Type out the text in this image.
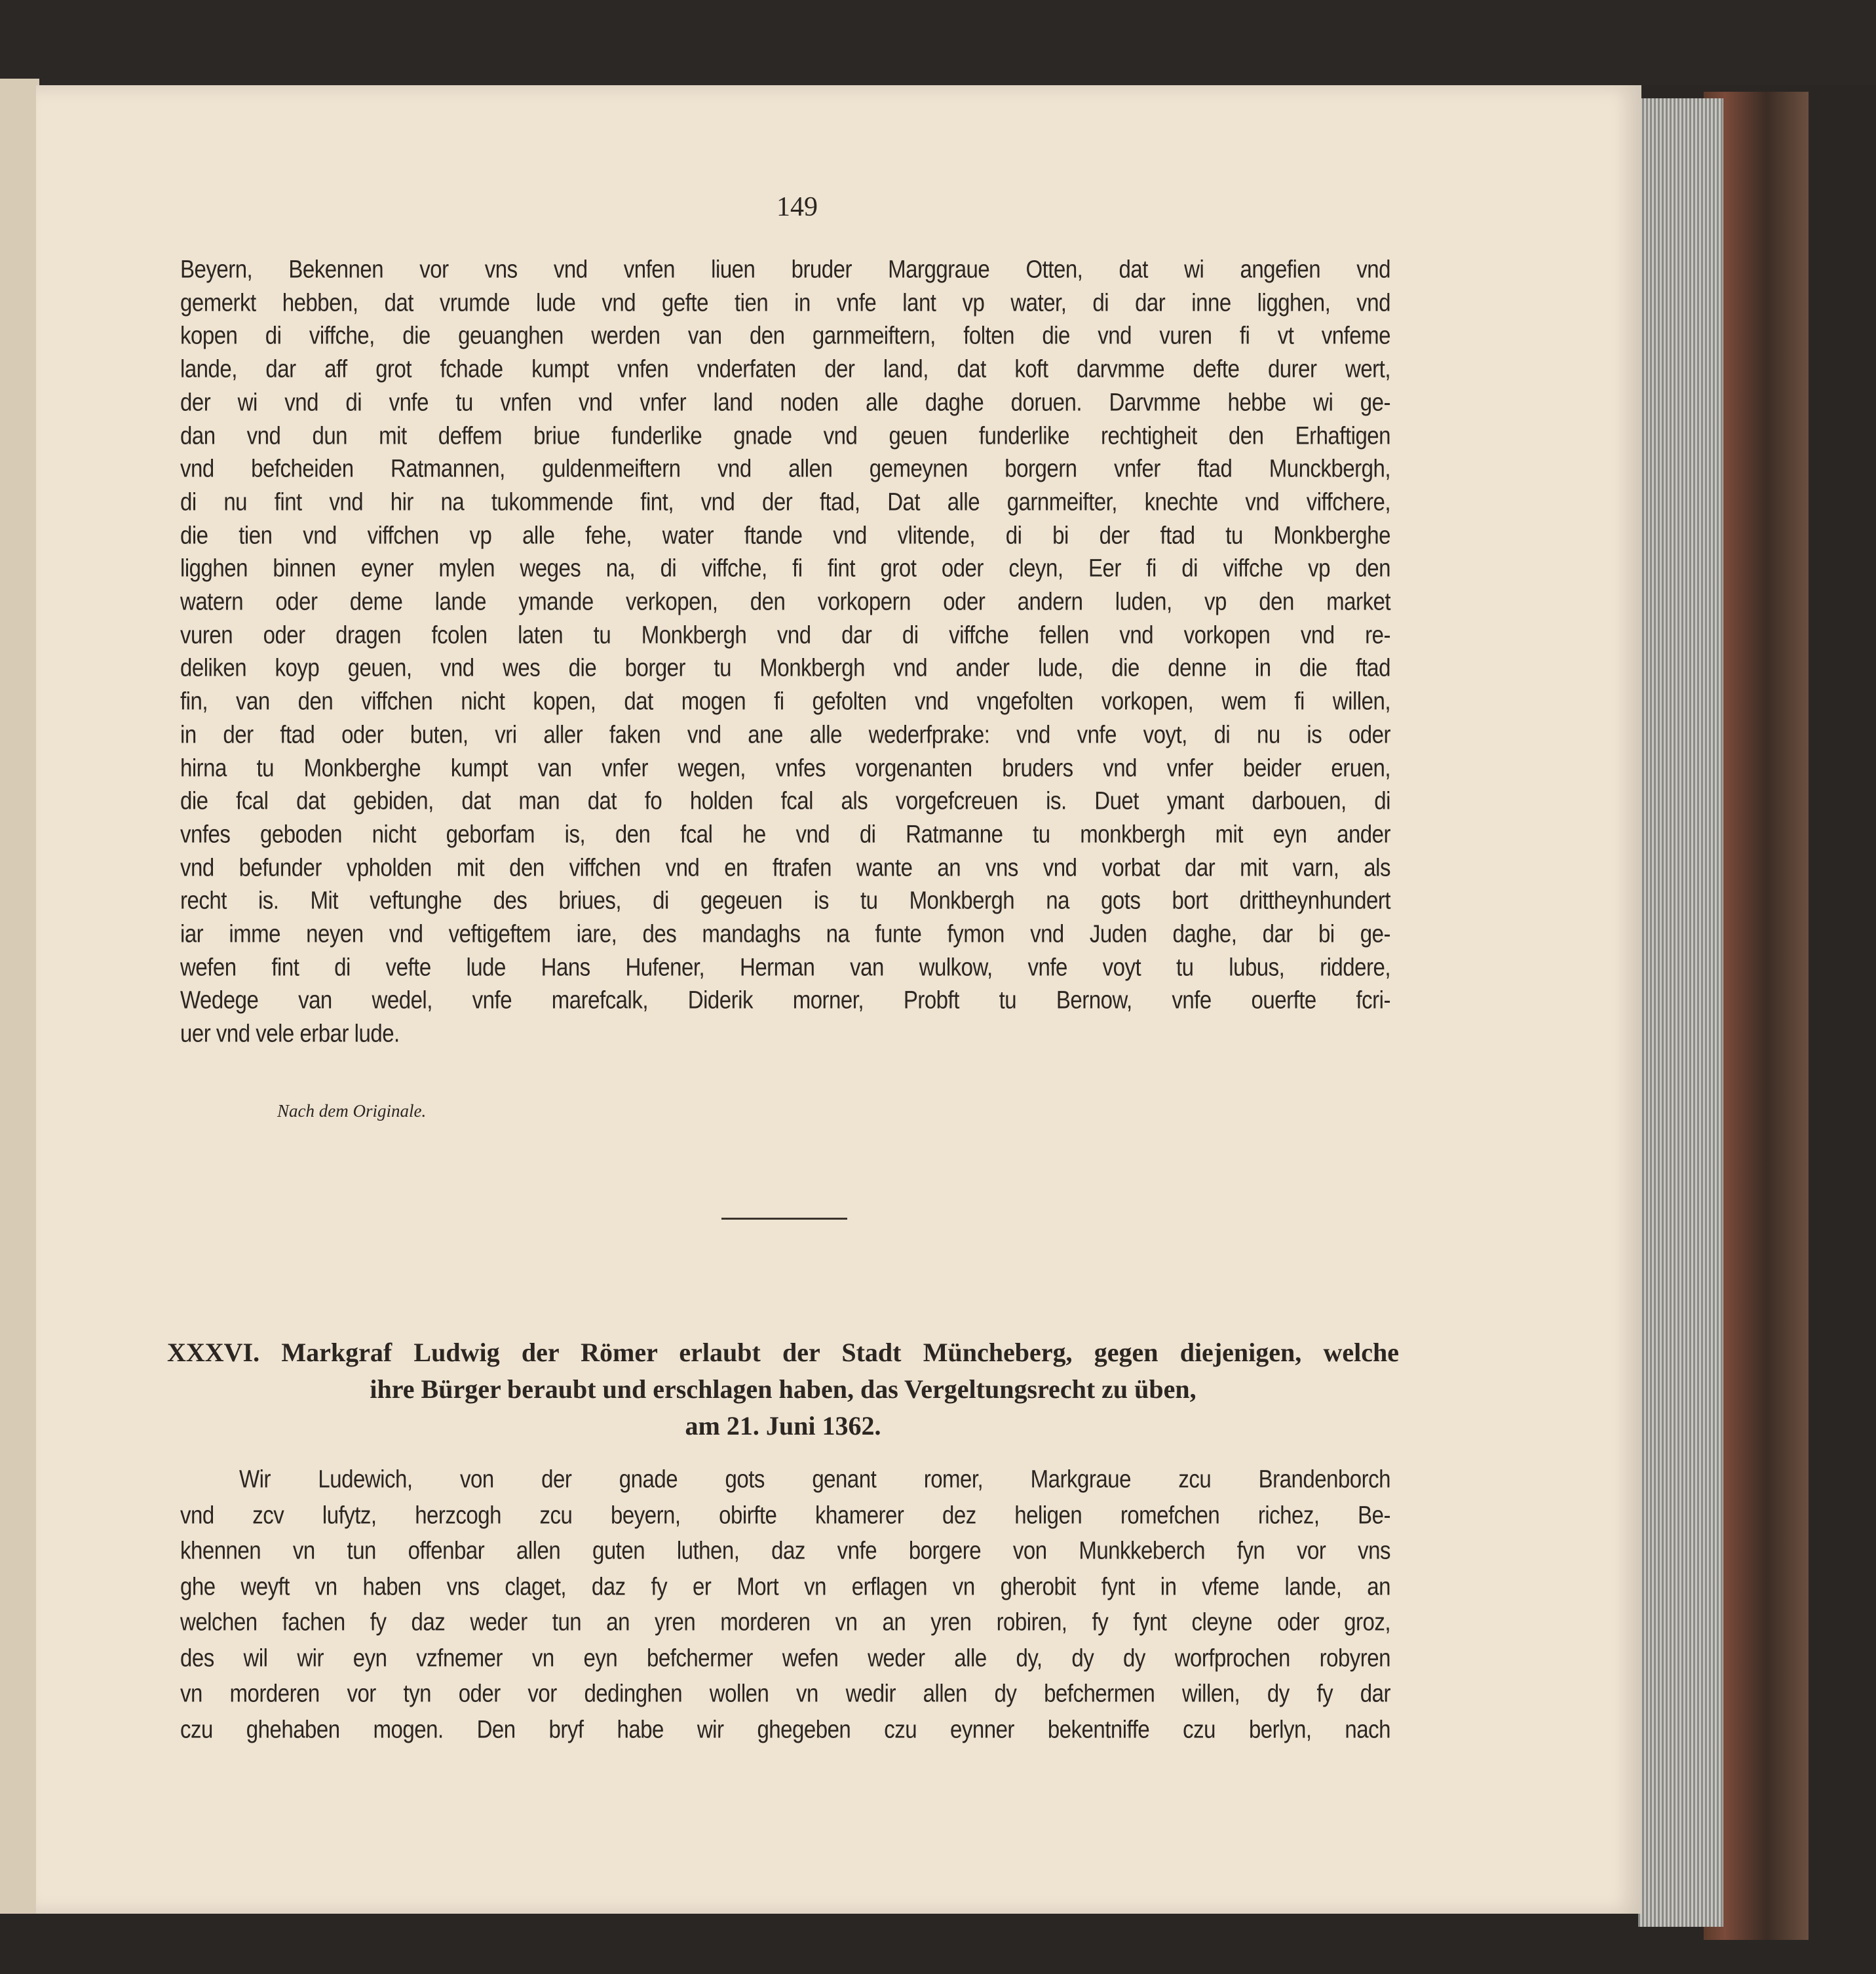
149
Nach dem Originale.
Beyern, Bekennen vor vns vnd vnfen liuen bruder Marggraue Otten, dat wi angefien vnd
gemerkt hebben, dat vrumde lude vnd gefte tien in vnfe lant vp water, di dar inne ligghen, vnd
kopen di viffche, die geuanghen werden van den garnmeiftern, folten die vnd vuren fi vt vnfeme
lande, dar aff grot fchade kumpt vnfen vnderfaten der land, dat koft darvmme defte durer wert,
der wi vnd di vnfe tu vnfen vnd vnfer land noden alle daghe doruen. Darvmme hebbe wi ge-
dan vnd dun mit deffem briue funderlike gnade vnd geuen funderlike rechtigheit den Erhaftigen
vnd befcheiden Ratmannen, guldenmeiftern vnd allen gemeynen borgern vnfer ftad Munckbergh,
di nu fint vnd hir na tukommende fint, vnd der ftad, Dat alle garnmeifter, knechte vnd viffchere,
die tien vnd viffchen vp alle fehe, water ftande vnd vlitende, di bi der ftad tu Monkberghe
ligghen binnen eyner mylen weges na, di viffche, fi fint grot oder cleyn, Eer fi di viffche vp den
watern oder deme lande ymande verkopen, den vorkopern oder andern luden, vp den market
vuren oder dragen fcolen laten tu Monkbergh vnd dar di viffche fellen vnd vorkopen vnd re-
deliken koyp geuen, vnd wes die borger tu Monkbergh vnd ander lude, die denne in die ftad
fin, van den viffchen nicht kopen, dat mogen fi gefolten vnd vngefolten vorkopen, wem fi willen,
in der ftad oder buten, vri aller faken vnd ane alle wederfprake: vnd vnfe voyt, di nu is oder
hirna tu Monkberghe kumpt van vnfer wegen, vnfes vorgenanten bruders vnd vnfer beider eruen,
die fcal dat gebiden, dat man dat fo holden fcal als vorgefcreuen is. Duet ymant darbouen, di
vnfes geboden nicht geborfam is, den fcal he vnd di Ratmanne tu monkbergh mit eyn ander
vnd befunder vpholden mit den viffchen vnd en ftrafen wante an vns vnd vorbat dar mit varn, als
recht is. Mit veftunghe des briues, di gegeuen is tu Monkbergh na gots bort drittheynhundert
iar imme neyen vnd veftigeftem iare, des mandaghs na funte fymon vnd Juden daghe, dar bi ge-
wefen fint di vefte lude Hans Hufener, Herman van wulkow, vnfe voyt tu lubus, riddere,
Wedege van wedel, vnfe marefcalk, Diderik morner, Probft tu Bernow, vnfe ouerfte fcri-
uer vnd vele erbar lude.
XXXVI. Markgraf Ludwig der Römer erlaubt der Stadt Müncheberg, gegen diejenigen, welche
ihre Bürger beraubt und erschlagen haben, das Vergeltungsrecht zu üben,
am 21. Juni 1362.
Wir Ludewich, von der gnade gots genant romer, Markgraue zcu Brandenborch
vnd zcv lufytz, herzcogh zcu beyern, obirfte khamerer dez heligen romefchen richez, Be-
khennen vn tun offenbar allen guten luthen, daz vnfe borgere von Munkkeberch fyn vor vns
ghe weyft vn haben vns claget, daz fy er Mort vn erflagen vn gherobit fynt in vfeme lande, an
welchen fachen fy daz weder tun an yren morderen vn an yren robiren, fy fynt cleyne oder groz,
des wil wir eyn vzfnemer vn eyn befchermer wefen weder alle dy, dy dy worfprochen robyren
vn morderen vor tyn oder vor dedinghen wollen vn wedir allen dy befchermen willen, dy fy dar
czu ghehaben mogen. Den bryf habe wir ghegeben czu eynner bekentniffe czu berlyn, nach
